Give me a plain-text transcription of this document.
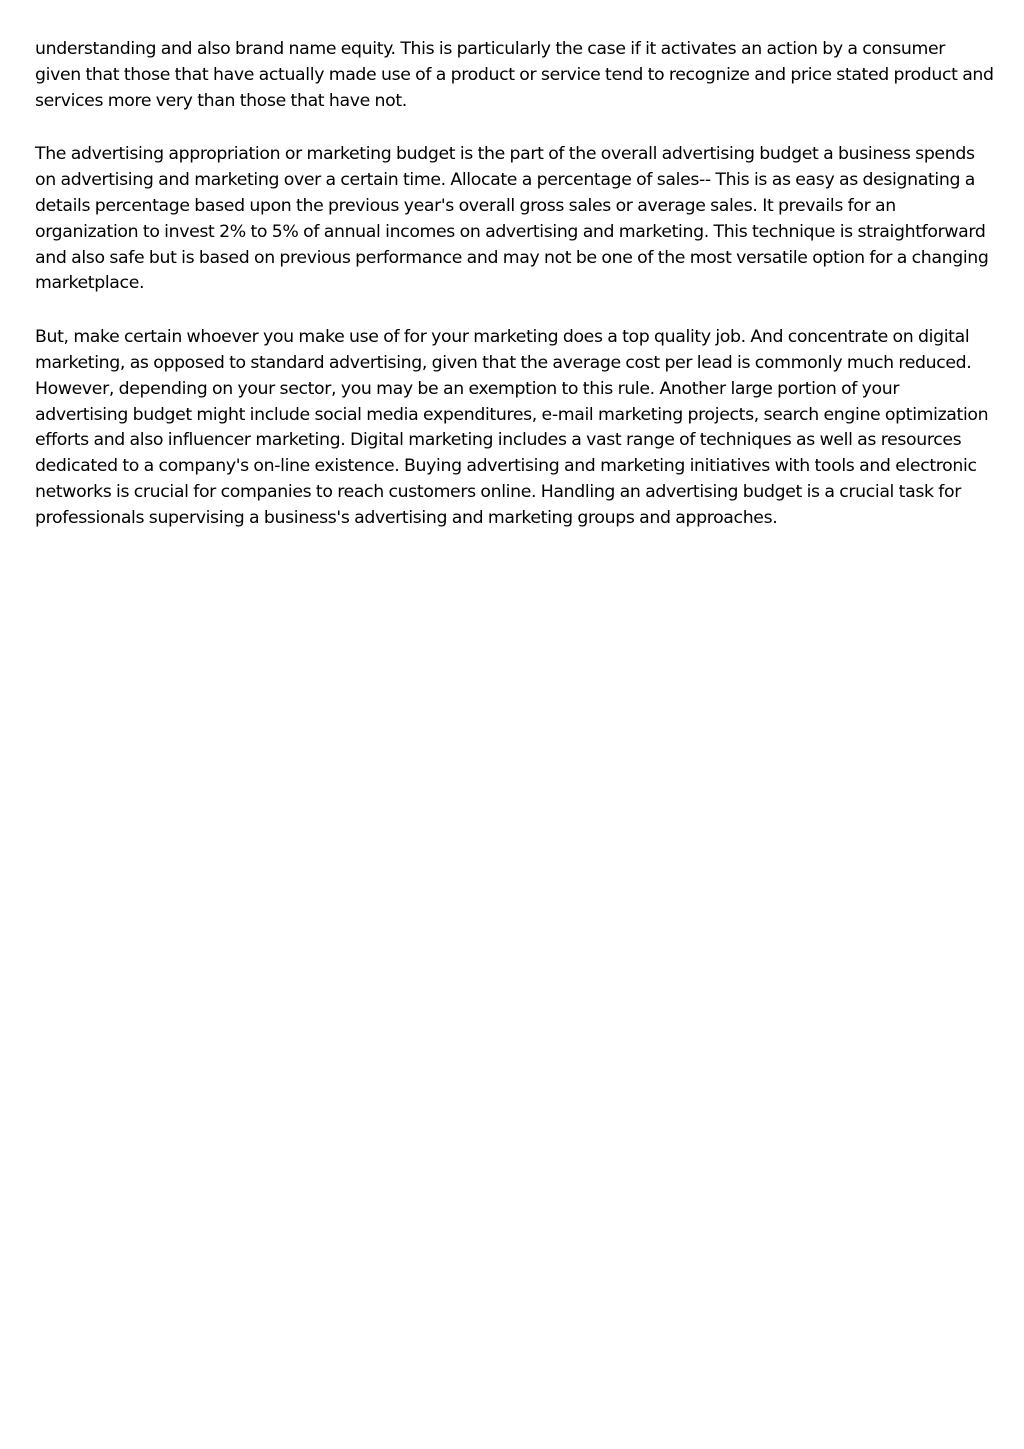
understanding and also brand name equity. This is particularly the case if it activates an action by a consumer given that those that have actually made use of a product or service tend to recognize and price stated product and services more very than those that have not.

The advertising appropriation or marketing budget is the part of the overall advertising budget a business spends on advertising and marketing over a certain time. Allocate a percentage of sales-- This is as easy as designating a details percentage based upon the previous year's overall gross sales or average sales. It prevails for an organization to invest 2% to 5% of annual incomes on advertising and marketing. This technique is straightforward and also safe but is based on previous performance and may not be one of the most versatile option for a changing marketplace.

But, make certain whoever you make use of for your marketing does a top quality job. And concentrate on digital marketing, as opposed to standard advertising, given that the average cost per lead is commonly much reduced. However, depending on your sector, you may be an exemption to this rule. Another large portion of your advertising budget might include social media expenditures, e-mail marketing projects, search engine optimization efforts and also influencer marketing. Digital marketing includes a vast range of techniques as well as resources dedicated to a company's on-line existence. Buying advertising and marketing initiatives with tools and electronic networks is crucial for companies to reach customers online. Handling an advertising budget is a crucial task for professionals supervising a business's advertising and marketing groups and approaches.
